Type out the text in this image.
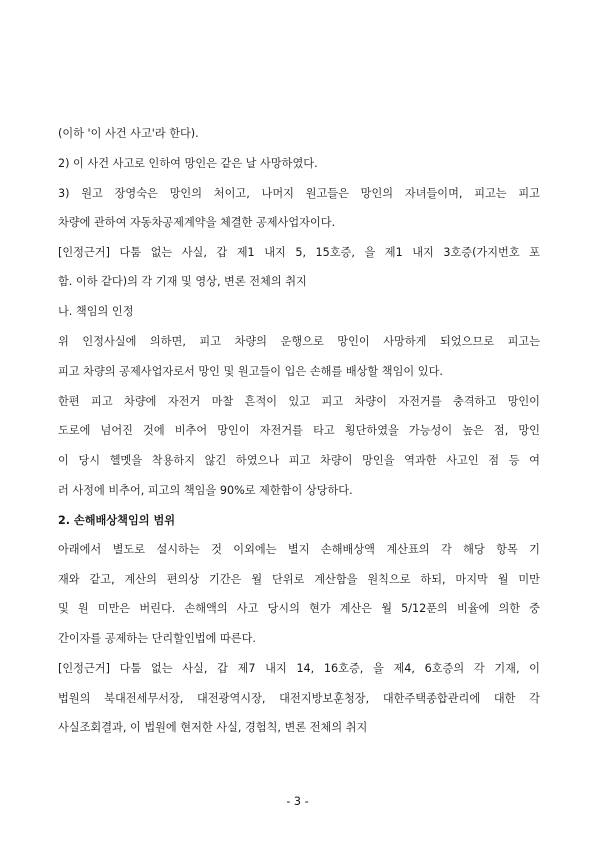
(이하 '이 사건 사고'라 한다).
2) 이 사건 사고로 인하여 망인은 같은 날 사망하였다.
3) 원고 장영숙은 망인의 처이고, 나머지 원고들은 망인의 자녀들이며, 피고는 피고
차량에 관하여 자동차공제계약을 체결한 공제사업자이다.
[인정근거] 다툼 없는 사실, 갑 제1 내지 5, 15호증, 을 제1 내지 3호증(가지번호 포
함. 이하 같다)의 각 기재 및 영상, 변론 전체의 취지
나. 책임의 인정
위 인정사실에 의하면, 피고 차량의 운행으로 망인이 사망하게 되었으므로 피고는
피고 차량의 공제사업자로서 망인 및 원고들이 입은 손해를 배상할 책임이 있다.
한편 피고 차량에 자전거 마찰 흔적이 있고 피고 차량이 자전거를 충격하고 망인이
도로에 넘어진 것에 비추어 망인이 자전거를 타고 횡단하였을 가능성이 높은 점, 망인
이 당시 헬멧을 착용하지 않긴 하였으나 피고 차량이 망인을 역과한 사고인 점 등 여
러 사정에 비추어, 피고의 책임을 90%로 제한함이 상당하다.
2. 손해배상책임의 범위
아래에서 별도로 설시하는 것 이외에는 별지 손해배상액 계산표의 각 해당 항목 기
재와 같고, 계산의 편의상 기간은 월 단위로 계산함을 원칙으로 하되, 마지막 월 미만
및 원 미만은 버린다. 손해액의 사고 당시의 현가 계산은 월 5/12푼의 비율에 의한 중
간이자를 공제하는 단리할인법에 따른다.
[인정근거] 다툼 없는 사실, 갑 제7 내지 14, 16호증, 을 제4, 6호증의 각 기재, 이
법원의 북대전세무서장, 대전광역시장, 대전지방보훈청장, 대한주택종합관리에 대한 각
사실조회결과, 이 법원에 현저한 사실, 경험칙, 변론 전체의 취지
- 3 -
